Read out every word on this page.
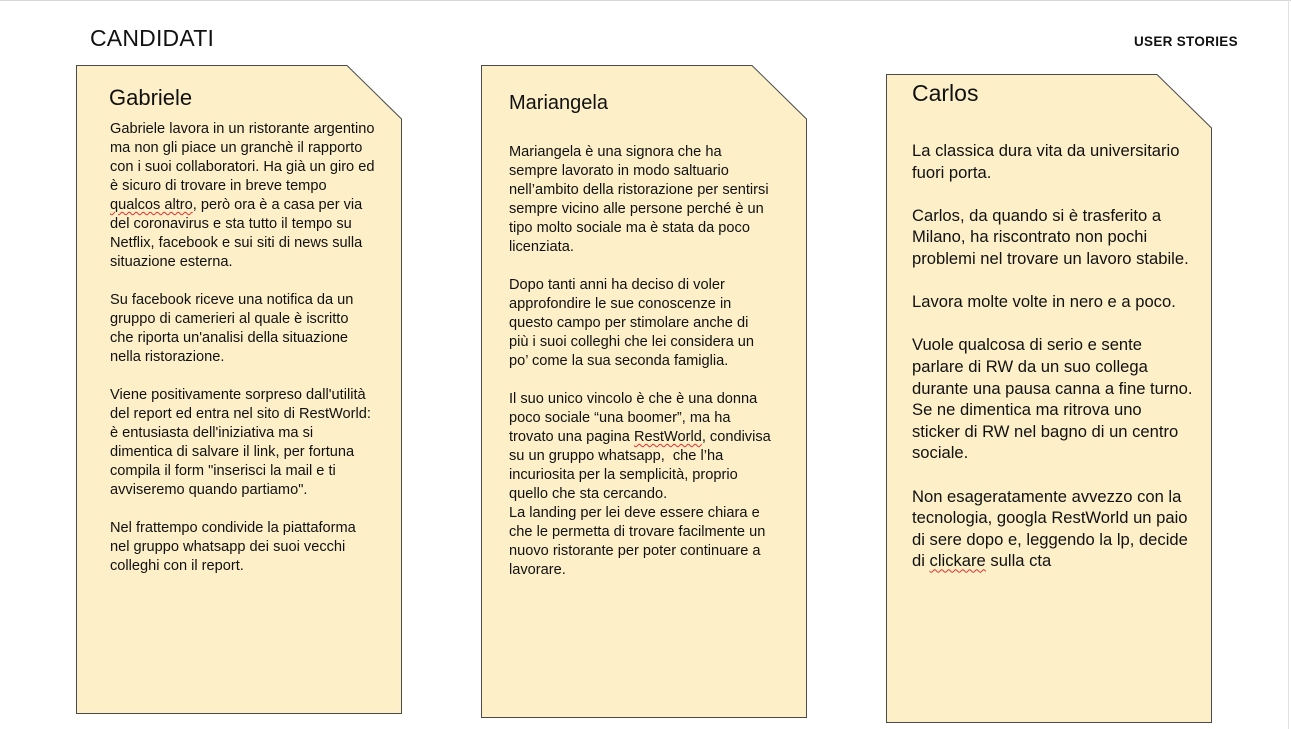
CANDIDATI	USER STORIES
Gabriele
Gabriele lavora in un ristorante argentino ma non gli piace un granchè il rapporto con i suoi collaboratori. Ha già un giro ed è sicuro di trovare in breve tempo qualcos altro, però ora è a casa per via del coronavirus e sta tutto il tempo su Netflix, facebook e sui siti di news sulla situazione esterna.

Su facebook riceve una notifica da un gruppo di camerieri al quale è iscritto che riporta un'analisi della situazione nella ristorazione.

Viene positivamente sorpreso dall'utilità del report ed entra nel sito di RestWorld: è entusiasta dell'iniziativa ma si dimentica di salvare il link, per fortuna compila il form "inserisci la mail e ti avviseremo quando partiamo".

Nel frattempo condivide la piattaforma nel gruppo whatsapp dei suoi vecchi colleghi con il report.
Mariangela
Mariangela è una signora che ha sempre lavorato in modo saltuario nell’ambito della ristorazione per sentirsi sempre vicino alle persone perché è un tipo molto sociale ma è stata da poco licenziata.

Dopo tanti anni ha deciso di voler approfondire le sue conoscenze in questo campo per stimolare anche di più i suoi colleghi che lei considera un po’ come la sua seconda famiglia.

Il suo unico vincolo è che è una donna poco sociale “una boomer”, ma ha trovato una pagina RestWorld, condivisa su un gruppo whatsapp,  che l’ha incuriosita per la semplicità, proprio quello che sta cercando.
La landing per lei deve essere chiara e che le permetta di trovare facilmente un nuovo ristorante per poter continuare a lavorare.
Carlos
La classica dura vita da universitario fuori porta.

Carlos, da quando si è trasferito a Milano, ha riscontrato non pochi problemi nel trovare un lavoro stabile.

Lavora molte volte in nero e a poco.

Vuole qualcosa di serio e sente parlare di RW da un suo collega durante una pausa canna a fine turno.
Se ne dimentica ma ritrova uno sticker di RW nel bagno di un centro sociale.

Non esageratamente avvezzo con la tecnologia, googla RestWorld un paio di sere dopo e, leggendo la lp, decide di clickare sulla cta
